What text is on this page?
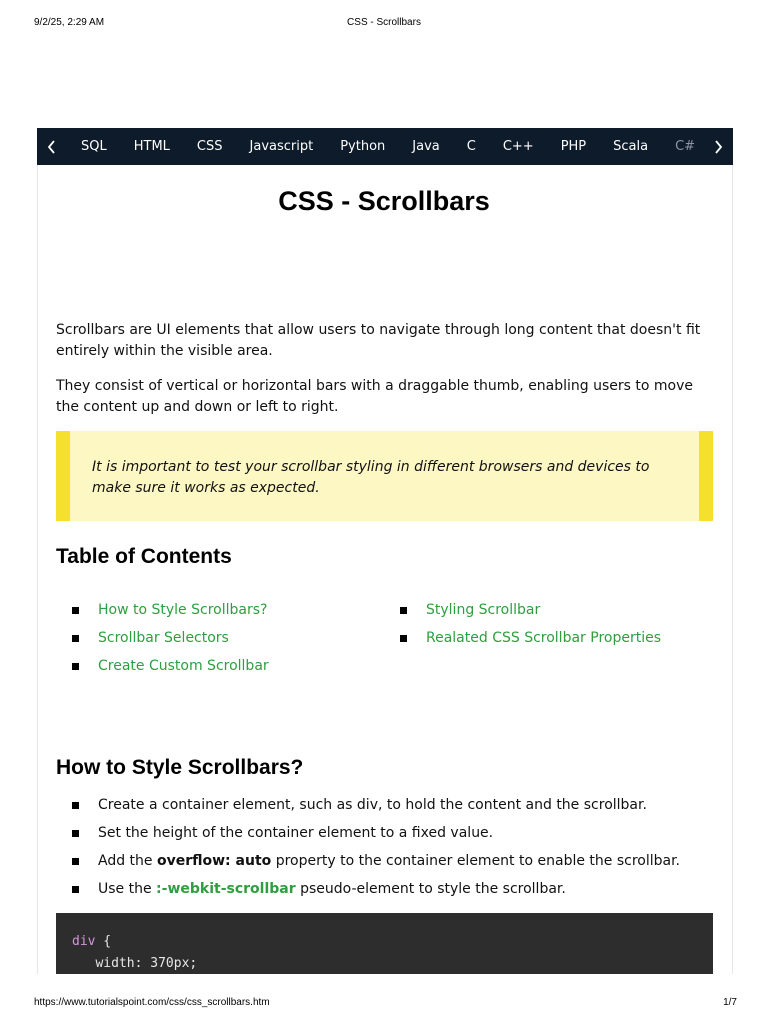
9/2/25, 2:29 AM	CSS - Scrollbars
SQL	HTML	CSS	Javascript	Python	Java	C	C++	PHP	Scala	C#
CSS - Scrollbars

Scrollbars are UI elements that allow users to navigate through long content that doesn't fit entirely within the visible area.

They consist of vertical or horizontal bars with a draggable thumb, enabling users to move the content up and down or left to right.

It is important to test your scrollbar styling in different browsers and devices to make sure it works as expected.

Table of Contents
How to Style Scrollbars?
Scrollbar Selectors
Create Custom Scrollbar
Styling Scrollbar
Realated CSS Scrollbar Properties
How to Style Scrollbars?
Create a container element, such as div, to hold the content and the scrollbar.
Set the height of the container element to a fixed value.
Add the overflow: auto property to the container element to enable the scrollbar.
Use the :-webkit-scrollbar pseudo-element to style the scrollbar.
div {
width: 370px;
https://www.tutorialspoint.com/css/css_scrollbars.htm	1/7
